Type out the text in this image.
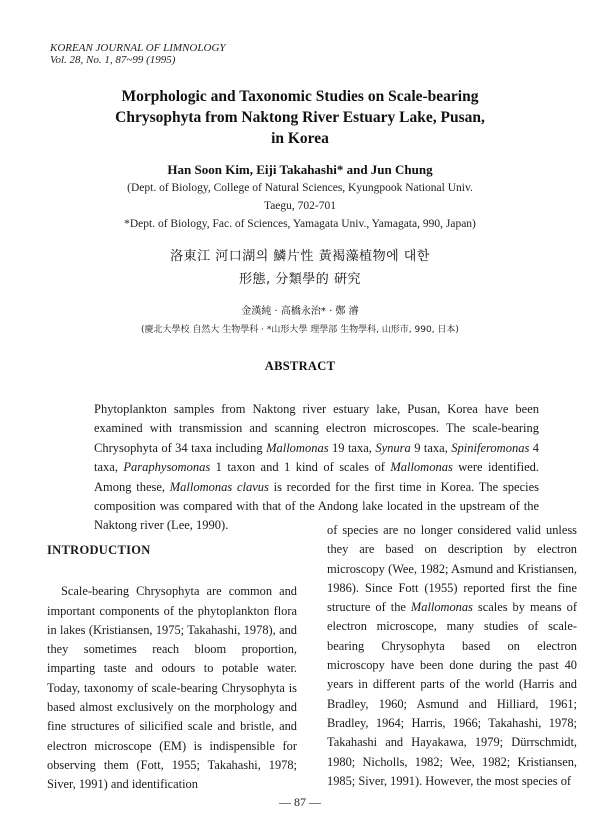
KOREAN JOURNAL OF LIMNOLOGY
Vol. 28, No. 1, 87~99 (1995)
Morphologic and Taxonomic Studies on Scale-bearing
Chrysophyta from Naktong River Estuary Lake, Pusan,
in Korea
Han Soon Kim, Eiji Takahashi* and Jun Chung
(Dept. of Biology, College of Natural Sciences, Kyungpook National Univ.
Taegu, 702-701
*Dept. of Biology, Fac. of Sciences, Yamagata Univ., Yamagata, 990, Japan)
洛東江 河口湖의 鱗片性 黃褐藻植物에 대한
形態, 分類學的 硏究
金漢純 · 高橋永治* · 鄭 濬
(慶北大學校 自然大 生物學科 · *山形大學 理學部 生物學科, 山形市, 990, 日本)
ABSTRACT
Phytoplankton samples from Naktong river estuary lake, Pusan, Korea have been examined with transmission and scanning electron microscopes. The scale-bearing Chrysophyta of 34 taxa including Mallomonas 19 taxa, Synura 9 taxa, Spiniferomonas 4 taxa, Paraphysomonas 1 taxon and 1 kind of scales of Mallomonas were identified. Among these, Mallomonas clavus is recorded for the first time in Korea. The species composition was compared with that of the Andong lake located in the upstream of the Naktong river (Lee, 1990).

INTRODUCTION

Scale-bearing Chrysophyta are common and important components of the phytoplankton flora in lakes (Kristiansen, 1975; Takahashi, 1978), and they sometimes reach bloom proportion, imparting taste and odours to potable water. Today, taxonomy of scale-bearing Chrysophyta is based almost exclusively on the morphology and fine structures of silicified scale and bristle, and electron microscope (EM) is indispensible for observing them (Fott, 1955; Takahashi, 1978; Siver, 1991) and identification

of species are no longer considered valid unless they are based on description by electron microscopy (Wee, 1982; Asmund and Kristiansen, 1986). Since Fott (1955) reported first the fine structure of the Mallomonas scales by means of electron microscope, many studies of scale-bearing Chrysophyta based on electron microscopy have been done during the past 40 years in different parts of the world (Harris and Bradley, 1960; Asmund and Hilliard, 1961; Bradley, 1964; Harris, 1966; Takahashi, 1978; Takahashi and Hayakawa, 1979; Dürrschmidt, 1980; Nicholls, 1982; Wee, 1982; Kristiansen, 1985; Siver, 1991). However, the most species of

— 87 —
